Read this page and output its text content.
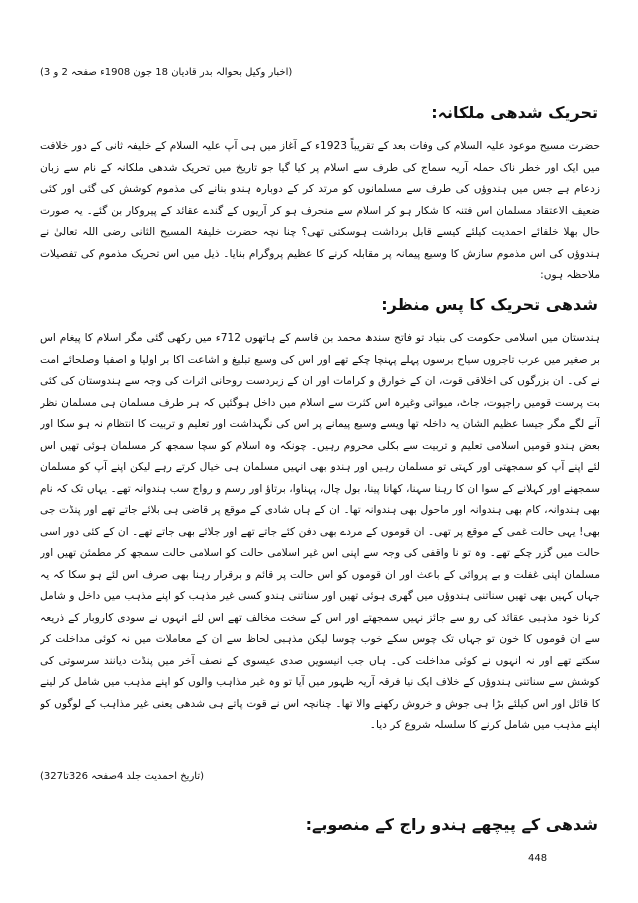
(اخبار وکیل بحوالہ بدر قادیان 18 جون 1908ء صفحہ 2 و 3)
تحریک شدھی ملکانہ:

حضرت مسیح موعود علیہ السلام کی وفات بعد کے تقریباً 1923ء کے آغاز میں ہی آپ علیہ السلام کے خلیفہ ثانی کے دور خلافت میں ایک اور خطر ناک حملہ آریہ سماج کی طرف سے اسلام پر کیا گیا جو تاریخ میں تحریک شدھی ملکانہ کے نام سے زبان زدعام ہے جس میں ہندوؤں کی طرف سے مسلمانوں کو مرتد کر کے دوبارہ ہندو بنانے کی مذموم کوشش کی گئی اور کئی ضعیف الاعتقاد مسلمان اس فتنہ کا شکار ہو کر اسلام سے منحرف ہو کر آریوں کے گندے عقائد کے پیروکار بن گئے۔ یہ صورت حال بھلا خلفائے احمدیت کیلئے کیسے قابل برداشت ہوسکتی تھی؟ چنا نچہ حضرت خلیفۃ المسیح الثانی رضی اللہ تعالیٰ نے ہندوؤں کی اس مذموم سازش کا وسیع پیمانہ پر مقابلہ کرنے کا عظیم پروگرام بنایا۔ ذیل میں اس تحریک مذموم کی تفصیلات ملاحظہ ہوں:

شدھی تحریک کا پس منظر:

ہندستان میں اسلامی حکومت کی بنیاد تو فاتح سندھ محمد بن قاسم کے ہاتھوں 712ء میں رکھی گئی مگر اسلام کا پیغام اس بر صغیر میں عرب تاجروں سیاح برسوں پہلے پہنچا چکے تھے اور اس کی وسیع تبلیغ و اشاعت اکا بر اولیا و اصفیا وصلحائے امت نے کی۔ ان بزرگوں کی اخلاقی قوت، ان کے خوارق و کرامات اور ان کے زبردست روحانی اثرات کی وجہ سے ہندوستان کی کئی بت پرست قومیں راجپوت، جاٹ، میواتی وغیرہ اس کثرت سے اسلام میں داخل ہوگئیں کہ ہر طرف مسلمان ہی مسلمان نظر آنے لگے مگر جیسا عظیم الشان یہ داخلہ تھا ویسے وسیع پیمانے پر اس کی نگہداشت اور تعلیم و تربیت کا انتظام نہ ہو سکا اور بعض ہندو قومیں اسلامی تعلیم و تربیت سے بکلی محروم رہیں۔ چونکہ وہ اسلام کو سچا سمجھ کر مسلمان ہوئی تھیں اس لئے اپنے آپ کو سمجھتی اور کہتی تو مسلمان رہیں اور ہندو بھی انہیں مسلمان ہی خیال کرتے رہے لیکن اپنے آپ کو مسلمان سمجھنے اور کہلانے کے سوا ان کا رہنا سہنا، کھانا پینا، بول چال، پہناوا، برتاؤ اور رسم و رواج سب ہندوانہ تھے۔ یہاں تک کہ نام بھی ہندوانہ، کام بھی ہندوانہ اور ماحول بھی ہندوانہ تھا۔ ان کے ہاں شادی کے موقع پر قاضی ہی بلائے جاتے تھے اور پنڈت جی بھی! یہی حالت غمی کے موقع پر تھی۔ ان قوموں کے مردے بھی دفن کئے جاتے تھے اور جلائے بھی جاتے تھے۔ ان کے کئی دور اسی حالت میں گزر چکے تھے۔ وہ تو نا واقفی کی وجہ سے اپنی اس غیر اسلامی حالت کو اسلامی حالت سمجھ کر مطمئن تھیں اور مسلمان اپنی غفلت و بے پروائی کے باعث اور ان قوموں کو اس حالت پر قائم و برقرار رہنا بھی صرف اس لئے ہو سکا کہ یہ جہاں کہیں بھی تھیں سناتنی ہندوؤں میں گھری ہوئی تھیں اور سناتنی ہندو کسی غیر مذہب کو اپنے مذہب میں داخل و شامل کرنا خود مذہبی عقائد کی رو سے جائز نہیں سمجھتے اور اس کے سخت مخالف تھے اس لئے انہوں نے سودی کاروبار کے ذریعہ سے ان قوموں کا خون تو جہاں تک چوس سکے خوب چوسا لیکن مذہبی لحاظ سے ان کے معاملات میں نہ کوئی مداخلت کر سکتے تھے اور نہ انہوں نے کوئی مداخلت کی۔ ہاں جب انیسویں صدی عیسوی کے نصف آخر میں پنڈت دیانند سرسوتی کی کوشش سے سناتنی ہندوؤں کے خلاف ایک نیا فرقہ آریہ ظہور میں آیا تو وہ غیر مذاہب والوں کو اپنے مذہب میں شامل کر لینے کا قائل اور اس کیلئے بڑا ہی جوش و خروش رکھنے والا تھا۔ چنانچہ اس نے قوت پاتے ہی شدھی یعنی غیر مذاہب کے لوگوں کو اپنے مذہب میں شامل کرنے کا سلسلہ شروع کر دیا۔

(تاریخ احمدیت جلد 4صفحہ 326تا327)
شدھی کے پیچھے ہندو راج کے منصوبے:
448
